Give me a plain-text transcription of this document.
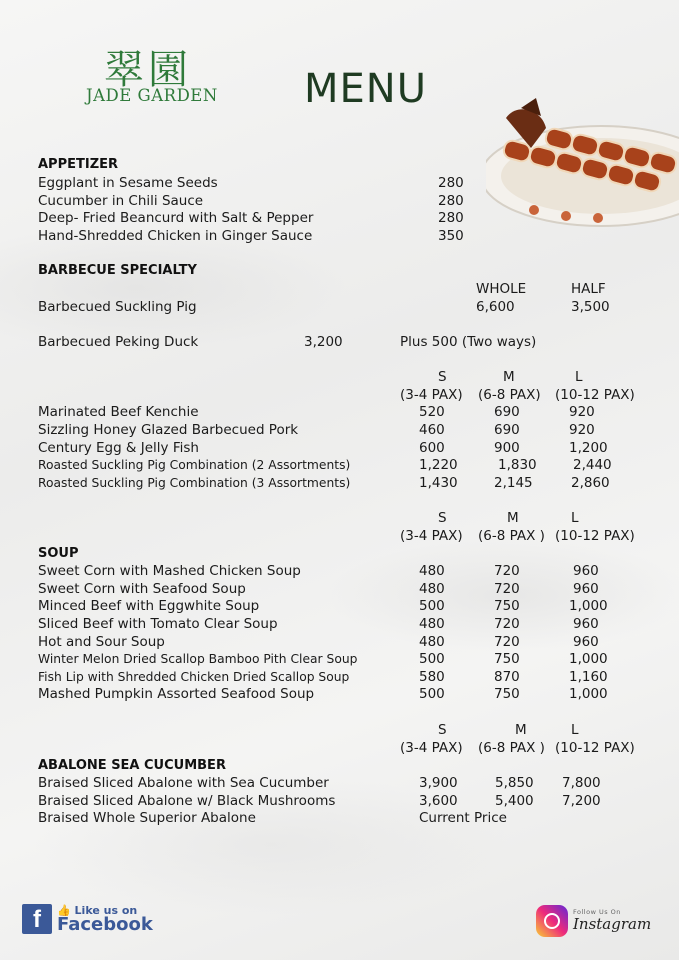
翠園
JADE GARDEN MENU
APPETIZER
Eggplant in Sesame Seeds	280
Cucumber in Chili Sauce	280
Deep- Fried Beancurd with Salt & Pepper	280
Hand-Shredded Chicken in Ginger Sauce	350
BARBECUE SPECIALTY
WHOLE	HALF
Barbecued Suckling Pig	6,600	3,500
Barbecued Peking Duck	3,200	Plus 500 (Two ways)
S	M	L
(3-4 PAX) (6-8 PAX) (10-12 PAX)
Marinated Beef Kenchie	520	690	920
Sizzling Honey Glazed Barbecued Pork	460	690	920
Century Egg & Jelly Fish	600	900	1,200
Roasted Suckling Pig Combination (2 Assortments)	1,220	1,830	2,440
Roasted Suckling Pig Combination (3 Assortments)	1,430	2,145	2,860
S	M	L
(3-4 PAX) (6-8 PAX ) (10-12 PAX)
SOUP
Sweet Corn with Mashed Chicken Soup	480	720	960
Sweet Corn with Seafood Soup	480	720	960
Minced Beef with Eggwhite Soup	500	750	1,000
Sliced Beef with Tomato Clear Soup	480	720	960
Hot and Sour Soup	480	720	960
Winter Melon Dried Scallop Bamboo Pith Clear Soup	500	750	1,000
Fish Lip with Shredded Chicken Dried Scallop Soup	580	870	1,160
Mashed Pumpkin Assorted Seafood Soup	500	750	1,000
S	M	L
(3-4 PAX) (6-8 PAX ) (10-12 PAX)
ABALONE SEA CUCUMBER
Braised Sliced Abalone with Sea Cucumber	3,900	5,850 7,800
Braised Sliced Abalone w/ Black Mushrooms	3,600	5,400 7,200
Braised Whole Superior Abalone	Current Price
f	👍 Like us on
Facebook
Follow Us On
Instagram
